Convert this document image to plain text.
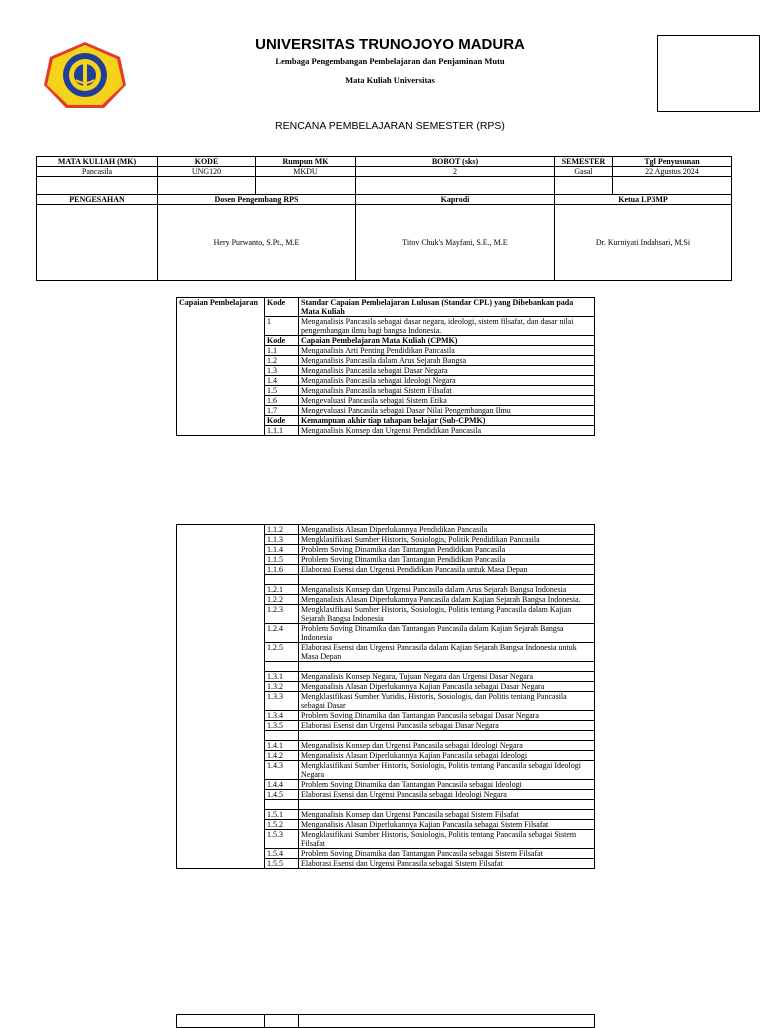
UNIVERSITAS TRUNOJOYO MADURA
Lembaga Pengembangan Pembelajaran dan Penjaminan Mutu
Mata Kuliah Universitas
RENCANA PEMBELAJARAN SEMESTER (RPS)
MATA KULIAH (MK)	KODE	Rumpun MK	BOBOT (sks)	SEMESTER	Tgl Penyusunan
Pancasila	UNG120	MKDU	2	Gasal	22 Agustus 2024

PENGESAHAN	Dosen Pengembang RPS		Kaprodi	Ketua LP3MP	
	Hery Purwanto, S.Pt., M.E		Titov Chuk's Mayfani, S.E., M.E	Dr. Kurniyati Indahsari, M.Si	
Capaian Pembelajaran	Kode	Standar Capaian Pembelajaran Lulusan (Standar CPL) yang Dibebankan pada Mata Kuliah
	1	Menganalisis Pancasila sebagai dasar negara, ideologi, sistem filsafat, dan dasar nilai pengembangan ilmu bagi bangsa Indonesia.
	Kode	Capaian Pembelajaran Mata Kuliah (CPMK)
	1.1	Menganalisis Arti Penting Pendidikan Pancasila
	1.2	Menganalisis Pancasila dalam Arus Sejarah Bangsa
	1.3	Menganalisis Pancasila sebagai Dasar Negara
	1.4	Menganalisis Pancasila sebagai Ideologi Negara
	1.5	Menganalisis Pancasila sebagai Sistem Filsafat
	1.6	Mengevaluasi Pancasila sebagai Sistem Etika
	1.7	Mengevaluasi Pancasila sebagai Dasar Nilai Pengembangan Ilmu
	Kode	Kemampuan akhir tiap tahapan belajar (Sub-CPMK)
	1.1.1	Menganalisis Konsep dan Urgensi Pendidikan Pancasila
	1.1.2	Menganalisis Alasan Diperlukannya Pendidikan Pancasila
	1.1.3	Mengklasifikasi Sumber Historis, Sosiologis, Politik Pendidikan Pancasila
	1.1.4	Problem Soving Dinamika dan Tantangan Pendidikan Pancasila
	1.1.5	Problem Soving Dinamika dan Tantangan Pendidikan Pancasila
	1.1.6	Elaborasi Esensi dan Urgensi Pendidikan Pancasila untuk Masa Depan

	1.2.1	Menganalisis Konsep dan Urgensi Pancasila dalam Arus Sejarah Bangsa Indonesia
	1.2.2	Menganalisis Alasan Diperlukannya Pancasila dalam Kajian Sejarah Bangsa Indonesia.
	1.2.3	Mengklasifikasi Sumber Historis, Sosiologis, Politis tentang Pancasila dalam Kajian Sejarah Bangsa Indonesia
	1.2.4	Problem Soving Dinamika dan Tantangan Pancasila dalam Kajian Sejarah Bangsa Indonesia
	1.2.5	Elaborasi Esensi dan Urgensi Pancasila dalam Kajian Sejarah Bangsa Indonesia untuk Masa Depan

	1.3.1	Menganalisis Konsep Negara, Tujuan Negara dan Urgensi Dasar Negara
	1.3.2	Menganalisis Alasan Diperlukannya Kajian Pancasila sebagai Dasar Negara
	1.3.3	Mengklasifikasi Sumber Yuridis, Historis, Sosiologis, dan Politis tentang Pancasila sebagai Dasar
	1.3.4	Problem Soving Dinamika dan Tantangan Pancasila sebagai Dasar Negara
	1.3.5	Elaborasi Esensi dan Urgensi Pancasila sebagai Dasar Negara

	1.4.1	Menganalisis Konsep dan Urgensi Pancasila sebagai Ideologi Negara
	1.4.2	Menganalisis Alasan Diperlukannya Kajian Pancasila sebagai Ideologi
	1.4.3	Mengklasifikasi Sumber Historis, Sosiologis, Politis tentang Pancasila sebagai Ideologi Negara
	1.4.4	Problem Soving Dinamika dan Tantangan Pancasila sebagai Ideologi
	1.4.5	Elaborasi Esensi dan Urgensi Pancasila sebagai Ideologi Negara

	1.5.1	Menganalisis Konsep dan Urgensi Pancasila sebagai Sistem Filsafat
	1.5.2	Menganalisis Alasan Diperlukannya Kajian Pancasila sebagai Sistem Filsafat
	1.5.3	Mengklasifikasi Sumber Historis, Sosiologis, Politis tentang Pancasila sebagai Sistem Filsafat
	1.5.4	Problem Soving Dinamika dan Tantangan Pancasila sebagai Sistem Filsafat
	1.5.5	Elaborasi Esensi dan Urgensi Pancasila sebagai Sistem Filsafat
